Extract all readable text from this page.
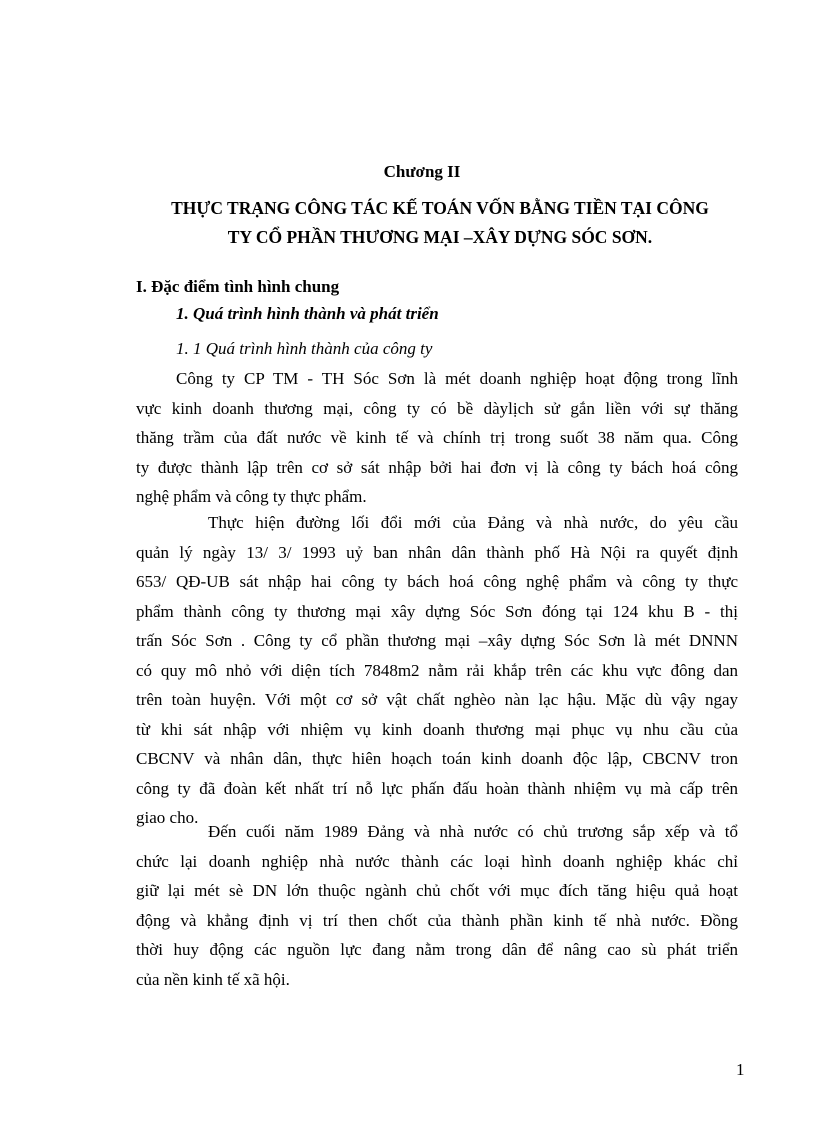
Chương II
THỰC TRẠNG CÔNG TÁC KẾ TOÁN VỐN BẰNG TIỀN TẠI CÔNG
TY CỔ PHẦN THƯƠNG MẠI –XÂY DỰNG SÓC SƠN.
I. Đặc điểm tình hình chung
1. Quá trình hình thành và phát triển
1. 1 Quá trình hình thành của công ty
Công ty CP TM - TH Sóc Sơn là mét doanh nghiệp hoạt động trong lĩnh
vực kinh doanh thương mại, công ty có bề dàylịch sử gắn liền với sự thăng
thăng trầm của đất nước về kinh tế và chính trị trong suốt 38 năm qua. Công
ty được thành lập trên cơ sở sát nhập bởi hai đơn vị là công ty bách hoá công
nghệ phẩm và công ty thực phẩm.
Thực hiện đường lối đổi mới của Đảng và nhà nước, do yêu cầu
quản lý ngày 13/ 3/ 1993 uỷ ban nhân dân thành phố Hà Nội ra quyết định
653/ QĐ-UB sát nhập hai công ty bách hoá công nghệ phẩm và công ty thực
phẩm thành công ty thương mại xây dựng Sóc Sơn đóng tại 124 khu B - thị
trấn Sóc Sơn . Công ty cổ phần thương mại –xây dựng Sóc Sơn là mét DNNN
có quy mô nhỏ với diện tích 7848m2 nằm rải khắp trên các khu vực đông dan
trên toàn huyện. Với một cơ sở vật chất nghèo nàn lạc hậu. Mặc dù vậy ngay
từ khi sát nhập với nhiệm vụ kinh doanh thương mại phục vụ nhu cầu của
CBCNV và nhân dân, thực hiên hoạch toán kinh doanh độc lập, CBCNV tron
công ty đã đoàn kết nhất trí nỗ lực phấn đấu hoàn thành nhiệm vụ mà cấp trên
giao cho.
Đến cuối năm 1989 Đảng và nhà nước có chủ trương sắp xếp và tổ
chức lại doanh nghiệp nhà nước thành các loại hình doanh nghiệp khác chỉ
giữ lại mét sè DN lớn thuộc ngành chủ chốt với mục đích tăng hiệu quả hoạt
động và khẳng định vị trí then chốt của thành phần kinh tế nhà nước. Đồng
thời huy động các nguồn lực đang nằm trong dân để nâng cao sù phát triển
của nền kinh tế xã hội.
1
